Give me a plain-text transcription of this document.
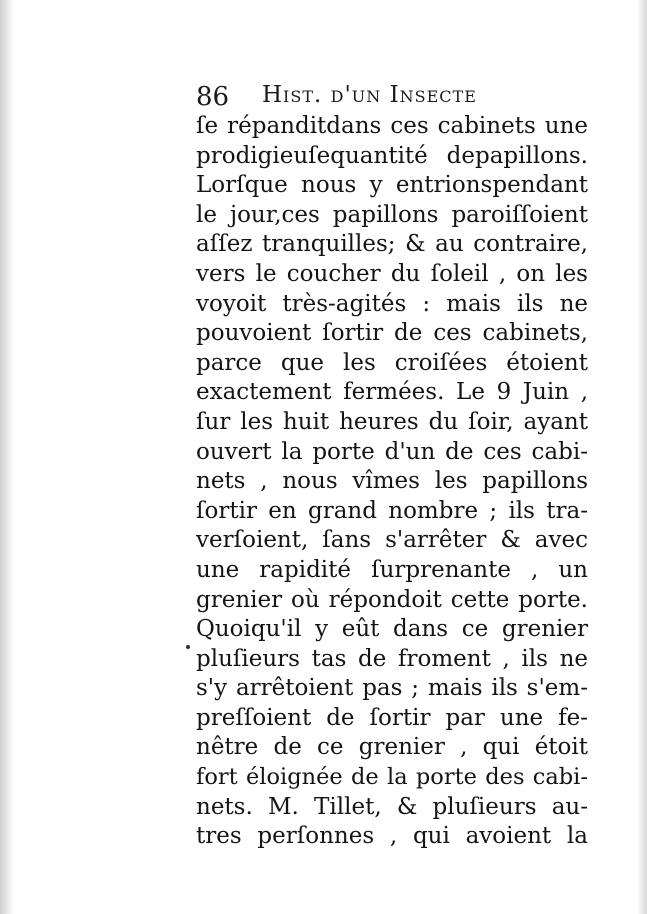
86 Hist. d'un Insecte
ſe répanditdans ces cabinets une
prodigieuſequantité depapillons.
Lorſque nous y entrionspendant
le jour,ces papillons paroiſſoient
aſſez tranquilles; & au contraire,
vers le coucher du ſoleil , on les
voyoit très-agités : mais ils ne
pouvoient ſortir de ces cabinets,
parce que les croiſées étoient
exactement fermées. Le 9 Juin ,
ſur les huit heures du ſoir, ayant
ouvert la porte d'un de ces cabi-
nets , nous vîmes les papillons
ſortir en grand nombre ; ils tra-
verſoient, ſans s'arrêter & avec
une rapidité ſurprenante , un
grenier où répondoit cette porte.
Quoiqu'il y eût dans ce grenier
pluſieurs tas de froment , ils ne
s'y arrêtoient pas ; mais ils s'em-
preſſoient de ſortir par une fe-
nêtre de ce grenier , qui étoit
fort éloignée de la porte des cabi-
nets. M. Tillet, & pluſieurs au-
tres perſonnes , qui avoient la
